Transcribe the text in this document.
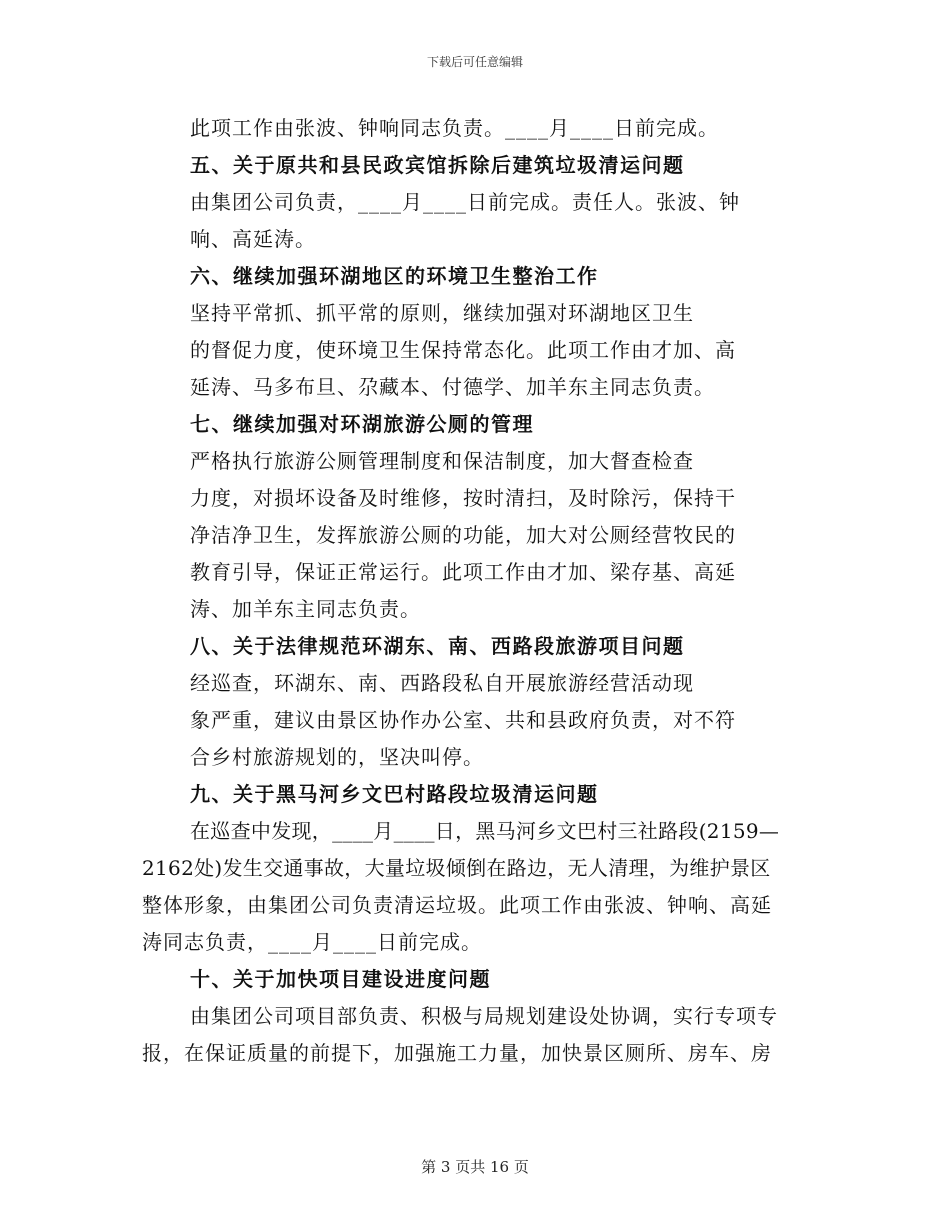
下载后可任意编辑
此项工作由张波、钟响同志负责。____月____日前完成。
五、关于原共和县民政宾馆拆除后建筑垃圾清运问题
由集团公司负责，____月____日前完成。责任人。张波、钟
响、高延涛。
六、继续加强环湖地区的环境卫生整治工作
坚持平常抓、抓平常的原则，继续加强对环湖地区卫生
的督促力度，使环境卫生保持常态化。此项工作由才加、高
延涛、马多布旦、尕藏本、付德学、加羊东主同志负责。
七、继续加强对环湖旅游公厕的管理
严格执行旅游公厕管理制度和保洁制度，加大督查检查
力度，对损坏设备及时维修，按时清扫，及时除污，保持干
净洁净卫生，发挥旅游公厕的功能，加大对公厕经营牧民的
教育引导，保证正常运行。此项工作由才加、梁存基、高延
涛、加羊东主同志负责。
八、关于法律规范环湖东、南、西路段旅游项目问题
经巡查，环湖东、南、西路段私自开展旅游经营活动现
象严重，建议由景区协作办公室、共和县政府负责，对不符
合乡村旅游规划的，坚决叫停。
九、关于黑马河乡文巴村路段垃圾清运问题
在巡查中发现，____月____日，黑马河乡文巴村三社路段(2159—
2162处)发生交通事故，大量垃圾倾倒在路边，无人清理，为维护景区
整体形象，由集团公司负责清运垃圾。此项工作由张波、钟响、高延
涛同志负责，____月____日前完成。
十、关于加快项目建设进度问题
由集团公司项目部负责、积极与局规划建设处协调，实行专项专
报，在保证质量的前提下，加强施工力量，加快景区厕所、房车、房
第 3 页共 16 页
